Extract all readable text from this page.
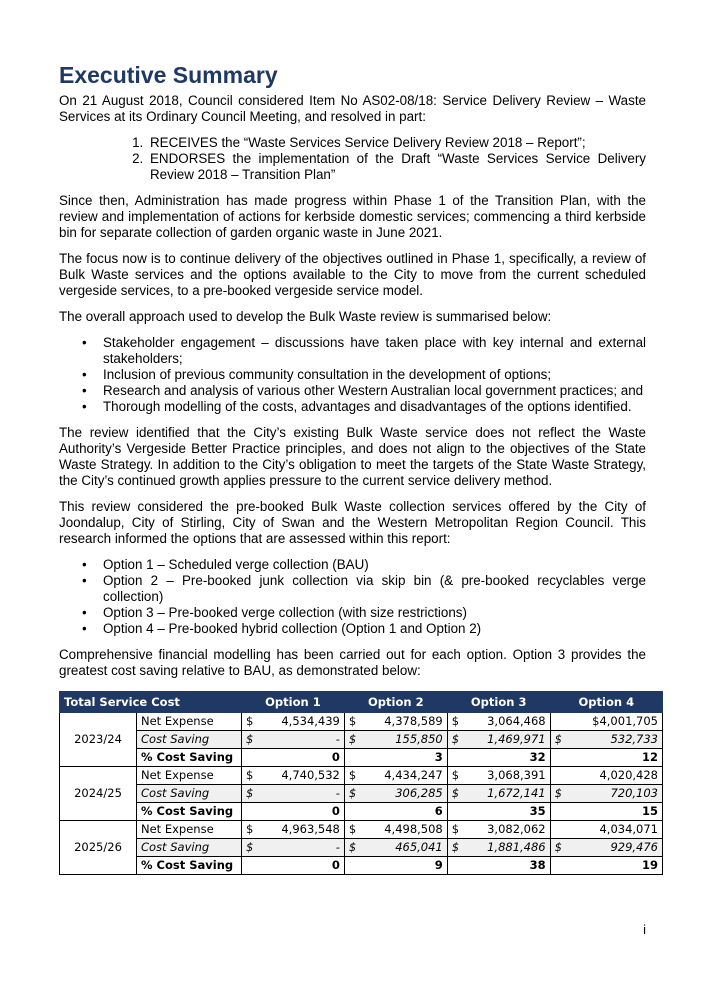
Executive Summary

On 21 August 2018, Council considered Item No AS02-08/18: Service Delivery Review – Waste Services at its Ordinary Council Meeting, and resolved in part:

1. RECEIVES the “Waste Services Service Delivery Review 2018 – Report”;
2. ENDORSES the implementation of the Draft “Waste Services Service Delivery Review 2018 – Transition Plan”

Since then, Administration has made progress within Phase 1 of the Transition Plan, with the review and implementation of actions for kerbside domestic services; commencing a third kerbside bin for separate collection of garden organic waste in June 2021.

The focus now is to continue delivery of the objectives outlined in Phase 1, specifically, a review of Bulk Waste services and the options available to the City to move from the current scheduled vergeside services, to a pre-booked vergeside service model.

The overall approach used to develop the Bulk Waste review is summarised below:

• Stakeholder engagement – discussions have taken place with key internal and external stakeholders;
• Inclusion of previous community consultation in the development of options;
• Research and analysis of various other Western Australian local government practices; and
• Thorough modelling of the costs, advantages and disadvantages of the options identified.

The review identified that the City’s existing Bulk Waste service does not reflect the Waste Authority’s Vergeside Better Practice principles, and does not align to the objectives of the State Waste Strategy. In addition to the City’s obligation to meet the targets of the State Waste Strategy, the City’s continued growth applies pressure to the current service delivery method.

This review considered the pre-booked Bulk Waste collection services offered by the City of Joondalup, City of Stirling, City of Swan and the Western Metropolitan Region Council. This research informed the options that are assessed within this report:

• Option 1 – Scheduled verge collection (BAU)
• Option 2 – Pre-booked junk collection via skip bin (& pre-booked recyclables verge collection)
• Option 3 – Pre-booked verge collection (with size restrictions)
• Option 4 – Pre-booked hybrid collection (Option 1 and Option 2)

Comprehensive financial modelling has been carried out for each option. Option 3 provides the greatest cost saving relative to BAU, as demonstrated below:

Total Service Cost		Option 1		Option 2		Option 3		Option 4	
2023/24	Net Expense	$	4,534,439	$	4,378,589	$	3,064,468		$4,001,705
	Cost Saving	$	-	$	155,850	$	1,469,971	$	532,733
	% Cost Saving		0		3		32		12
2024/25	Net Expense	$	4,740,532	$	4,434,247	$	3,068,391		4,020,428
	Cost Saving	$	-	$	306,285	$	1,672,141	$	720,103
	% Cost Saving		0		6		35		15
2025/26	Net Expense	$	4,963,548	$	4,498,508	$	3,082,062		4,034,071
	Cost Saving	$	-	$	465,041	$	1,881,486	$	929,476
	% Cost Saving		0		9		38		19
i
